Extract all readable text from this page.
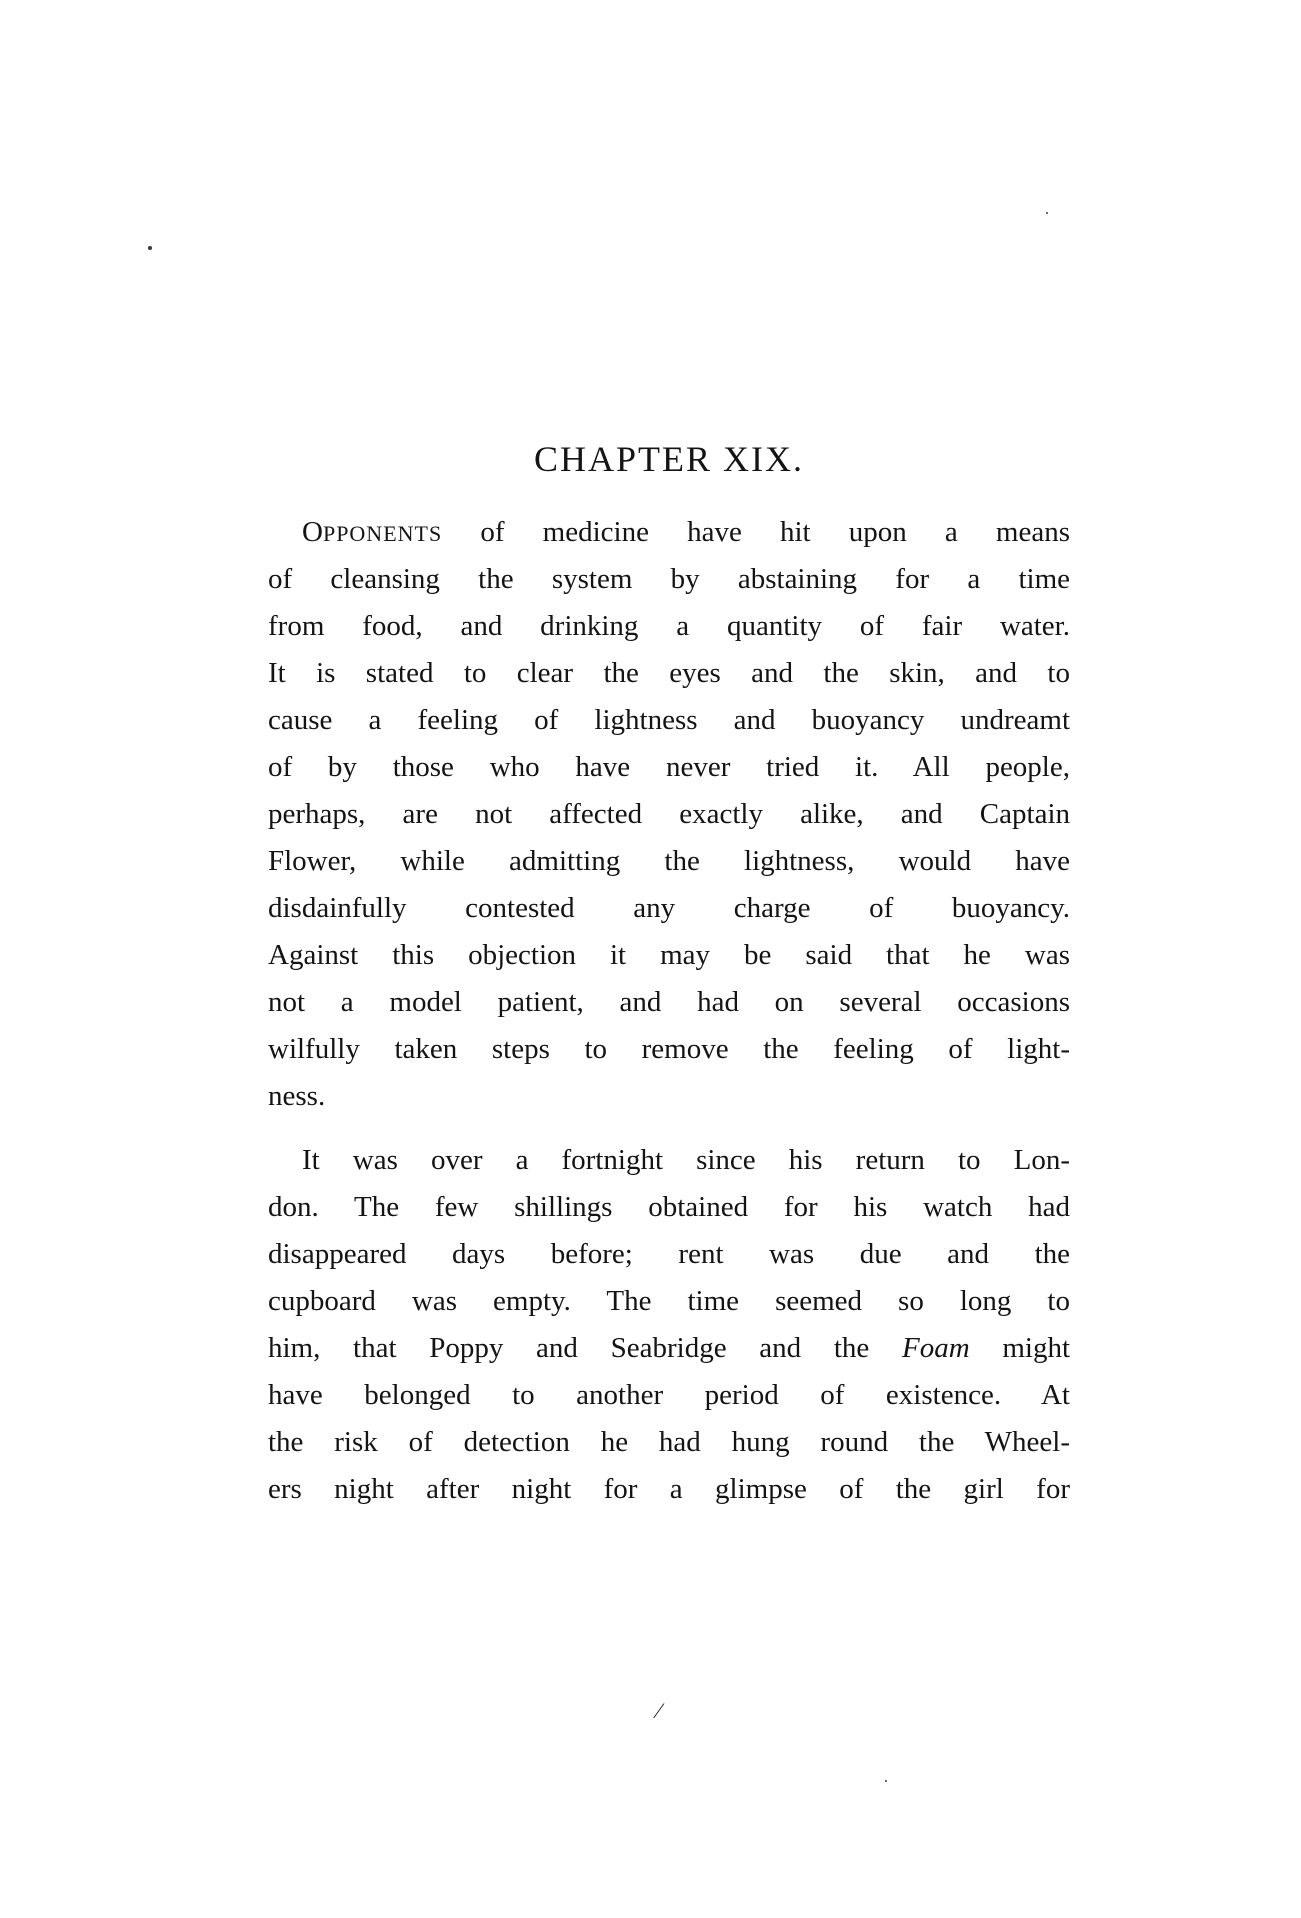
CHAPTER XIX.
OPPONENTS of medicine have hit upon a means
of cleansing the system by abstaining for a time
from food, and drinking a quantity of fair water.
It is stated to clear the eyes and the skin, and to
cause a feeling of lightness and buoyancy undreamt
of by those who have never tried it. All people,
perhaps, are not affected exactly alike, and Captain
Flower, while admitting the lightness, would have
disdainfully contested any charge of buoyancy.
Against this objection it may be said that he was
not a model patient, and had on several occasions
wilfully taken steps to remove the feeling of light-
ness.
It was over a fortnight since his return to Lon-
don. The few shillings obtained for his watch had
disappeared days before; rent was due and the
cupboard was empty. The time seemed so long to
him, that Poppy and Seabridge and the Foam might
have belonged to another period of existence. At
the risk of detection he had hung round the Wheel-
ers night after night for a glimpse of the girl for
⁄
